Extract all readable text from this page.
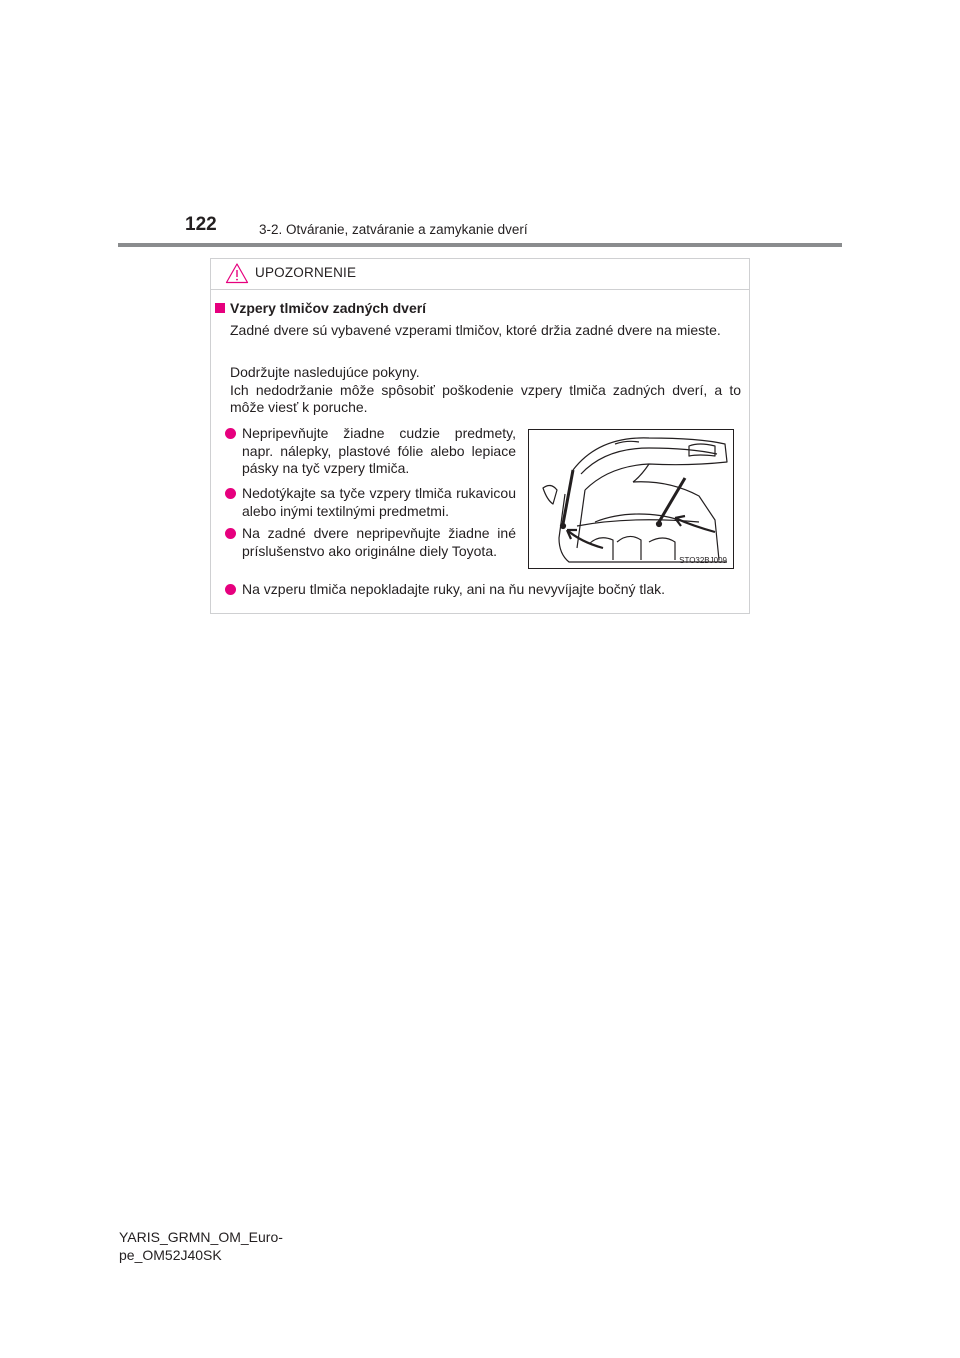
122	3-2. Otváranie, zatváranie a zamykanie dverí
UPOZORNENIE
Vzpery tlmičov zadných dverí
Zadné dvere sú vybavené vzperami tlmičov, ktoré držia zadné dvere na mieste.
Dodržujte nasledujúce pokyny.
Ich nedodržanie môže spôsobiť poškodenie vzpery tlmiča zadných dverí, a to môže viesť k poruche.
Nepripevňujte žiadne cudzie predmety, napr. nálepky, plastové fólie alebo lepiace pásky na tyč vzpery tlmiča.
Nedotýkajte sa tyče vzpery tlmiča rukavicou alebo inými textilnými predmetmi.
Na zadné dvere nepripevňujte žiadne iné príslušenstvo ako originálne diely Toyota.
Na vzperu tlmiča nepokladajte ruky, ani na ňu nevyvíjajte bočný tlak.
STO32BJ009
YARIS_GRMN_OM_Euro-
pe_OM52J40SK
